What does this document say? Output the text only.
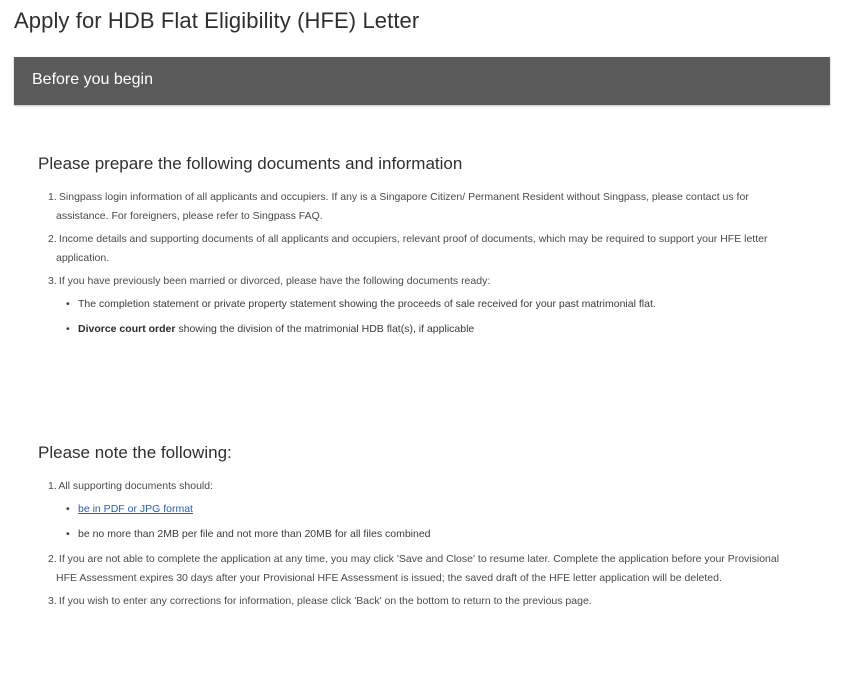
Apply for HDB Flat Eligibility (HFE) Letter
Before you begin
Please prepare the following documents and information
1. Singpass login information of all applicants and occupiers. If any is a Singapore Citizen/ Permanent Resident without Singpass, please contact us for assistance. For foreigners, please refer to Singpass FAQ.
2. Income details and supporting documents of all applicants and occupiers, relevant proof of documents, which may be required to support your HFE letter application.
3. If you have previously been married or divorced, please have the following documents ready:
• The completion statement or private property statement showing the proceeds of sale received for your past matrimonial flat.
• Divorce court order showing the division of the matrimonial HDB flat(s), if applicable
Please note the following:
1. All supporting documents should:
• be in PDF or JPG format
• be no more than 2MB per file and not more than 20MB for all files combined
2. If you are not able to complete the application at any time, you may click 'Save and Close' to resume later. Complete the application before your Provisional HFE Assessment expires 30 days after your Provisional HFE Assessment is issued; the saved draft of the HFE letter application will be deleted.
3. If you wish to enter any corrections for information, please click 'Back' on the bottom to return to the previous page.
